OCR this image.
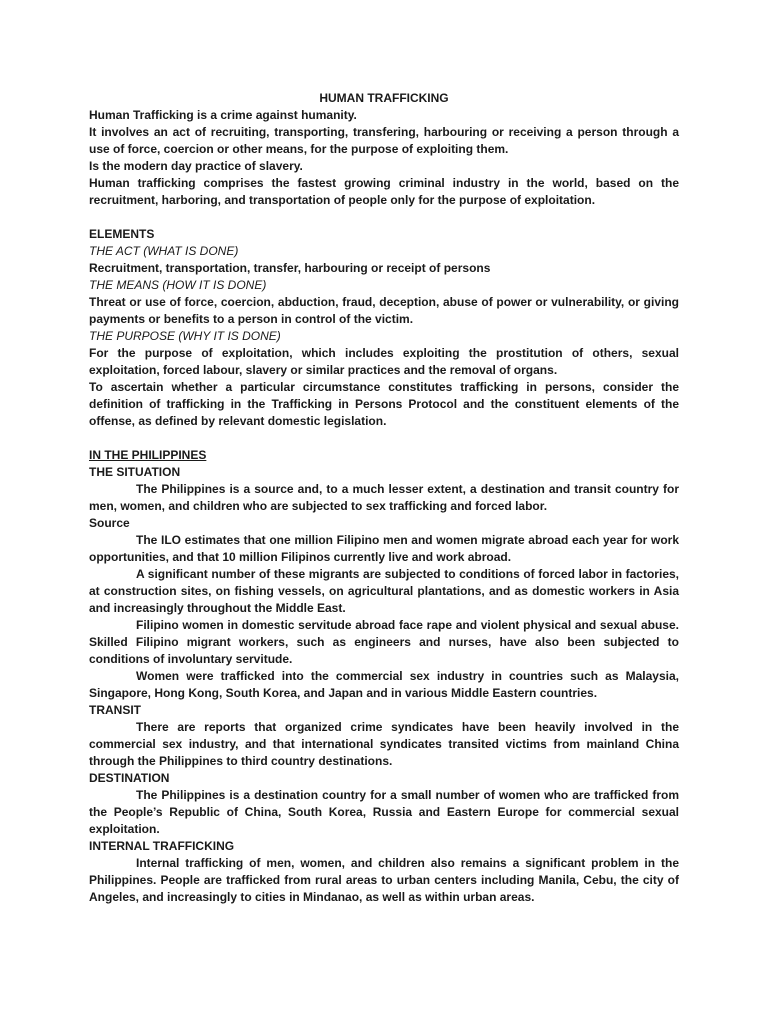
HUMAN TRAFFICKING

Human Trafficking is a crime against humanity.

It involves an act of recruiting, transporting, transfering, harbouring or receiving a person through a use of force, coercion or other means, for the purpose of exploiting them.

Is the modern day practice of slavery.

Human trafficking comprises the fastest growing criminal industry in the world, based on the recruitment, harboring, and transportation of people only for the purpose of exploitation.

ELEMENTS

THE ACT (WHAT IS DONE)

Recruitment, transportation, transfer, harbouring or receipt of persons

THE MEANS (HOW IT IS DONE)

Threat or use of force, coercion, abduction, fraud, deception, abuse of power or vulnerability, or giving payments or benefits to a person in control of the victim.

THE PURPOSE (WHY IT IS DONE)

For the purpose of exploitation, which includes exploiting the prostitution of others, sexual exploitation, forced labour, slavery or similar practices and the removal of organs.

To ascertain whether a particular circumstance constitutes trafficking in persons, consider the definition of trafficking in the Trafficking in Persons Protocol and the constituent elements of the offense, as defined by relevant domestic legislation.

IN THE PHILIPPINES

THE SITUATION

The Philippines is a source and, to a much lesser extent, a destination and transit country for men, women, and children who are subjected to sex trafficking and forced labor.

Source

The ILO estimates that one million Filipino men and women migrate abroad each year for work opportunities, and that 10 million Filipinos currently live and work abroad.

A significant number of these migrants are subjected to conditions of forced labor in factories, at construction sites, on fishing vessels, on agricultural plantations, and as domestic workers in Asia and increasingly throughout the Middle East.

Filipino women in domestic servitude abroad face rape and violent physical and sexual abuse. Skilled Filipino migrant workers, such as engineers and nurses, have also been subjected to conditions of involuntary servitude.

Women were trafficked into the commercial sex industry in countries such as Malaysia, Singapore, Hong Kong, South Korea, and Japan and in various Middle Eastern countries.

TRANSIT

There are reports that organized crime syndicates have been heavily involved in the commercial sex industry, and that international syndicates transited victims from mainland China through the Philippines to third country destinations.

DESTINATION

The Philippines is a destination country for a small number of women who are trafficked from the People’s Republic of China, South Korea, Russia and Eastern Europe for commercial sexual exploitation.

INTERNAL TRAFFICKING

Internal trafficking of men, women, and children also remains a significant problem in the Philippines. People are trafficked from rural areas to urban centers including Manila, Cebu, the city of Angeles, and increasingly to cities in Mindanao, as well as within urban areas.
